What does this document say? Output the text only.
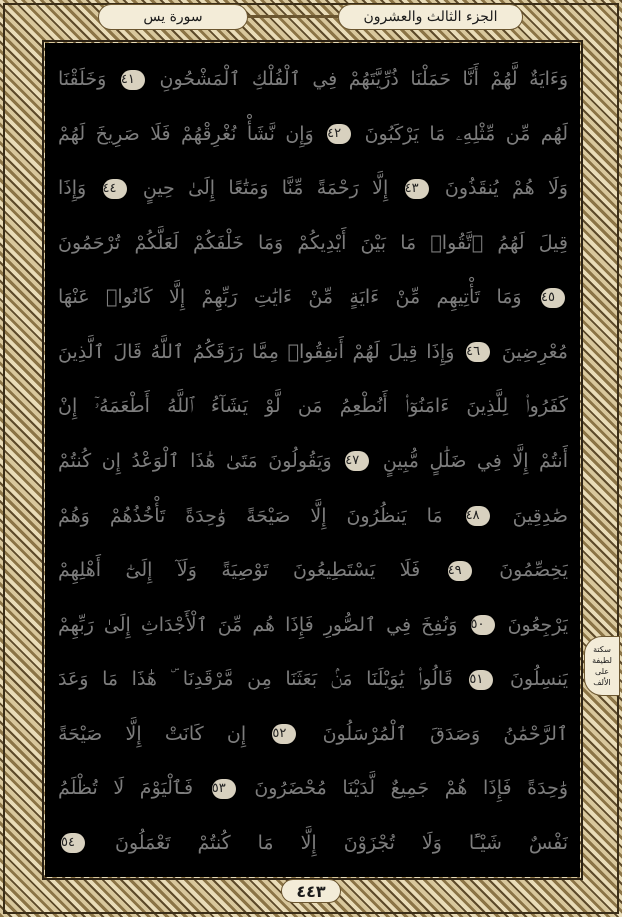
الجزء الثالث والعشرون
سورة يس
وَءَايَةٌ لَّهُمْ أَنَّا حَمَلْنَا ذُرِّيَّتَهُمْ فِي ٱلْفُلْكِ ٱلْمَشْحُونِ ٤١ وَخَلَقْنَا
لَهُم مِّن مِّثْلِهِۦ مَا يَرْكَبُونَ ٤٢ وَإِن نَّشَأْ نُغْرِقْهُمْ فَلَا صَرِيخَ لَهُمْ
وَلَا هُمْ يُنقَذُونَ ٤٣ إِلَّا رَحْمَةً مِّنَّا وَمَتَٰعًا إِلَىٰ حِينٍ ٤٤ وَإِذَا
قِيلَ لَهُمُ ٱتَّقُوا۟ مَا بَيْنَ أَيْدِيكُمْ وَمَا خَلْفَكُمْ لَعَلَّكُمْ تُرْحَمُونَ
٤٥ وَمَا تَأْتِيهِم مِّنْ ءَايَةٍ مِّنْ ءَايَٰتِ رَبِّهِمْ إِلَّا كَانُوا۟ عَنْهَا
مُعْرِضِينَ ٤٦ وَإِذَا قِيلَ لَهُمْ أَنفِقُوا۟ مِمَّا رَزَقَكُمُ ٱللَّهُ قَالَ ٱلَّذِينَ
كَفَرُوا۟ لِلَّذِينَ ءَامَنُوٓا۟ أَنُطْعِمُ مَن لَّوْ يَشَآءُ ٱللَّهُ أَطْعَمَهُۥٓ إِنْ
أَنتُمْ إِلَّا فِي ضَلَٰلٍ مُّبِينٍ ٤٧ وَيَقُولُونَ مَتَىٰ هَٰذَا ٱلْوَعْدُ إِن كُنتُمْ
صَٰدِقِينَ ٤٨ مَا يَنظُرُونَ إِلَّا صَيْحَةً وَٰحِدَةً تَأْخُذُهُمْ وَهُمْ
يَخِصِّمُونَ ٤٩ فَلَا يَسْتَطِيعُونَ تَوْصِيَةً وَلَآ إِلَىٰٓ أَهْلِهِمْ
يَرْجِعُونَ ٥٠ وَنُفِخَ فِي ٱلصُّورِ فَإِذَا هُم مِّنَ ٱلْأَجْدَاثِ إِلَىٰ رَبِّهِمْ
يَنسِلُونَ ٥١ قَالُوا۟ يَٰوَيْلَنَا مَنۢ بَعَثَنَا مِن مَّرْقَدِنَا ۜ هَٰذَا مَا وَعَدَ
ٱلرَّحْمَٰنُ وَصَدَقَ ٱلْمُرْسَلُونَ ٥٢ إِن كَانَتْ إِلَّا صَيْحَةً
وَٰحِدَةً فَإِذَا هُمْ جَمِيعٌ لَّدَيْنَا مُحْضَرُونَ ٥٣ فَٱلْيَوْمَ لَا تُظْلَمُ
نَفْسٌ شَيْـًٔا وَلَا تُجْزَوْنَ إِلَّا مَا كُنتُمْ تَعْمَلُونَ ٥٤
سكتة لطيفة على الألف
٤٤٣
